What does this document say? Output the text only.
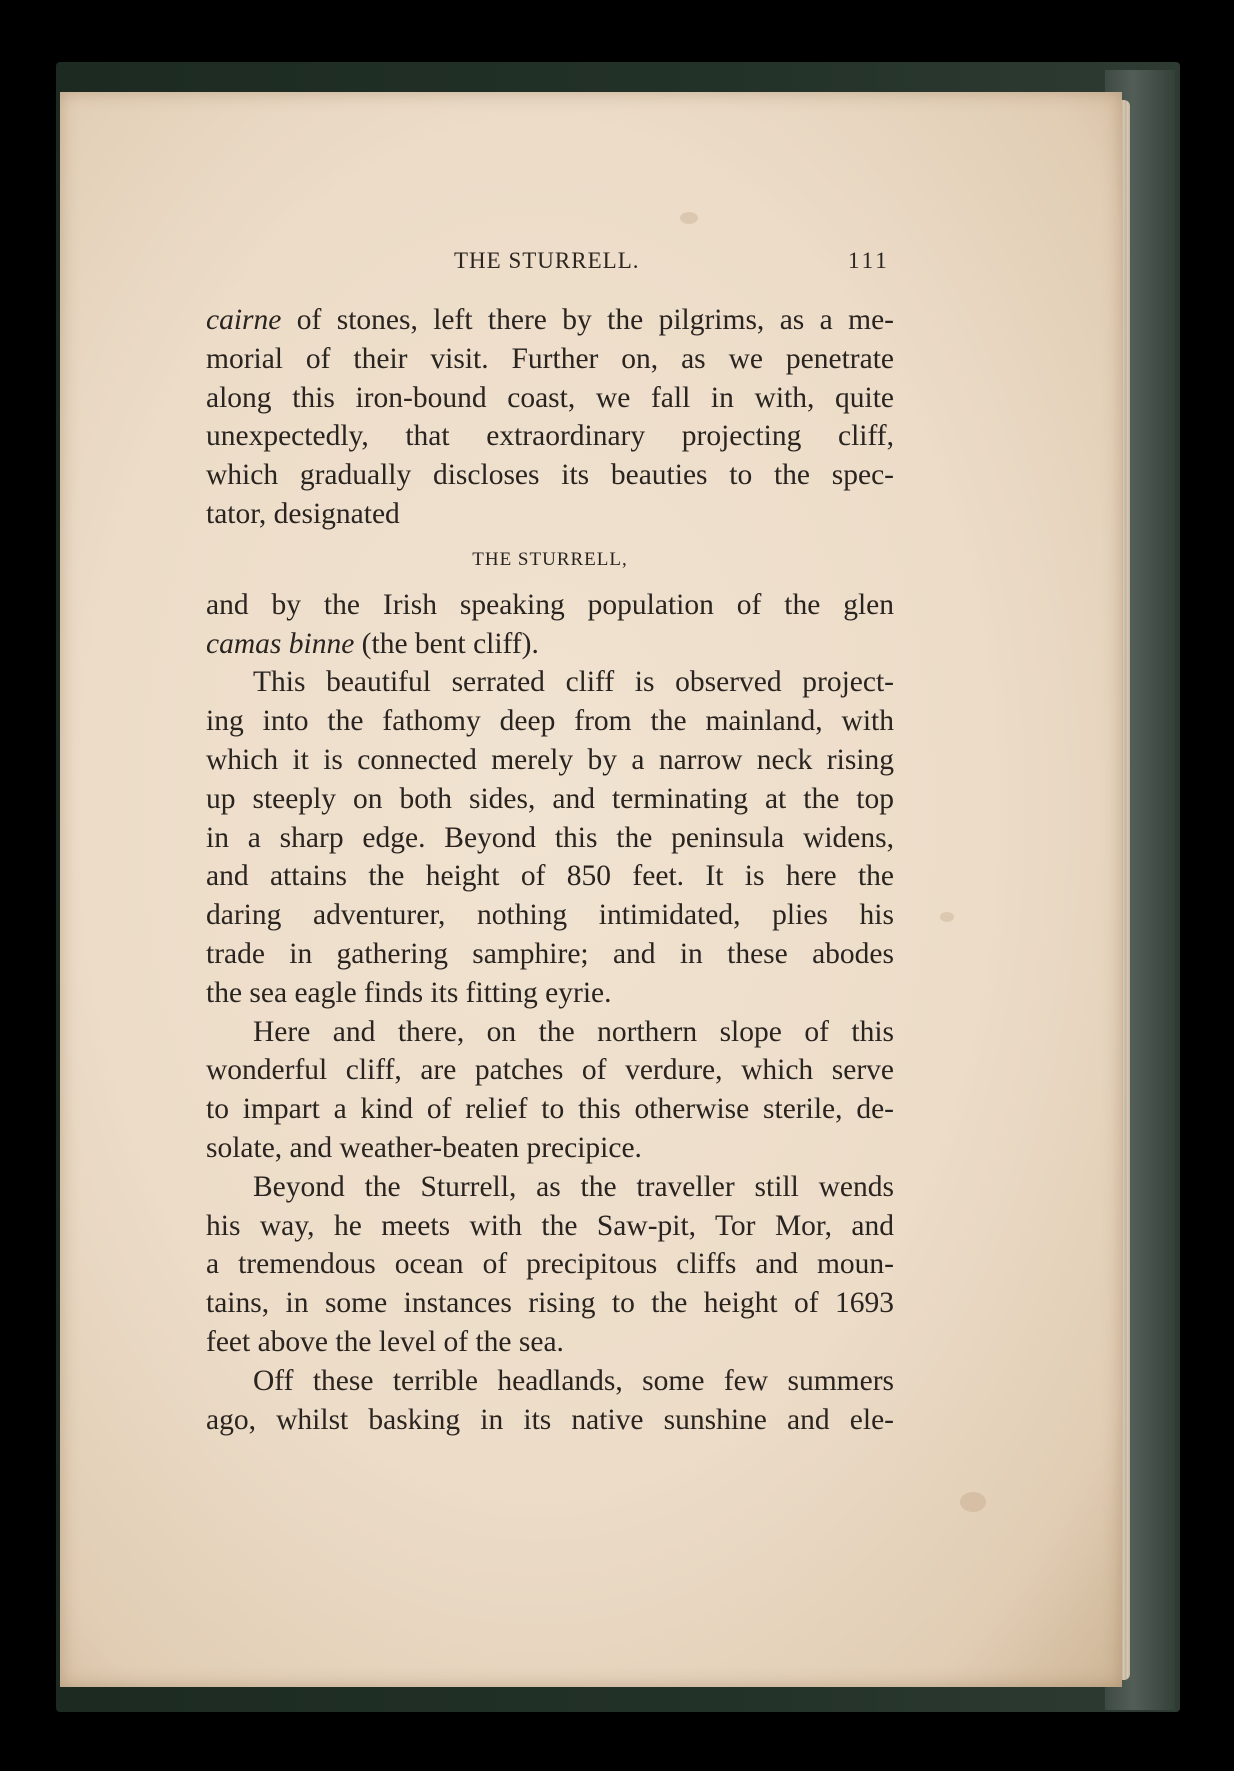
THE STURRELL.	111
cairne of stones, left there by the pilgrims, as a me-
morial of their visit. Further on, as we penetrate
along this iron-bound coast, we fall in with, quite
unexpectedly, that extraordinary projecting cliff,
which gradually discloses its beauties to the spec-
tator, designated
THE STURRELL,
and by the Irish speaking population of the glen
camas binne (the bent cliff).
This beautiful serrated cliff is observed project-
ing into the fathomy deep from the mainland, with
which it is connected merely by a narrow neck rising
up steeply on both sides, and terminating at the top
in a sharp edge. Beyond this the peninsula widens,
and attains the height of 850 feet. It is here the
daring adventurer, nothing intimidated, plies his
trade in gathering samphire; and in these abodes
the sea eagle finds its fitting eyrie.
Here and there, on the northern slope of this
wonderful cliff, are patches of verdure, which serve
to impart a kind of relief to this otherwise sterile, de-
solate, and weather-beaten precipice.
Beyond the Sturrell, as the traveller still wends
his way, he meets with the Saw-pit, Tor Mor, and
a tremendous ocean of precipitous cliffs and moun-
tains, in some instances rising to the height of 1693
feet above the level of the sea.
Off these terrible headlands, some few summers
ago, whilst basking in its native sunshine and ele-
